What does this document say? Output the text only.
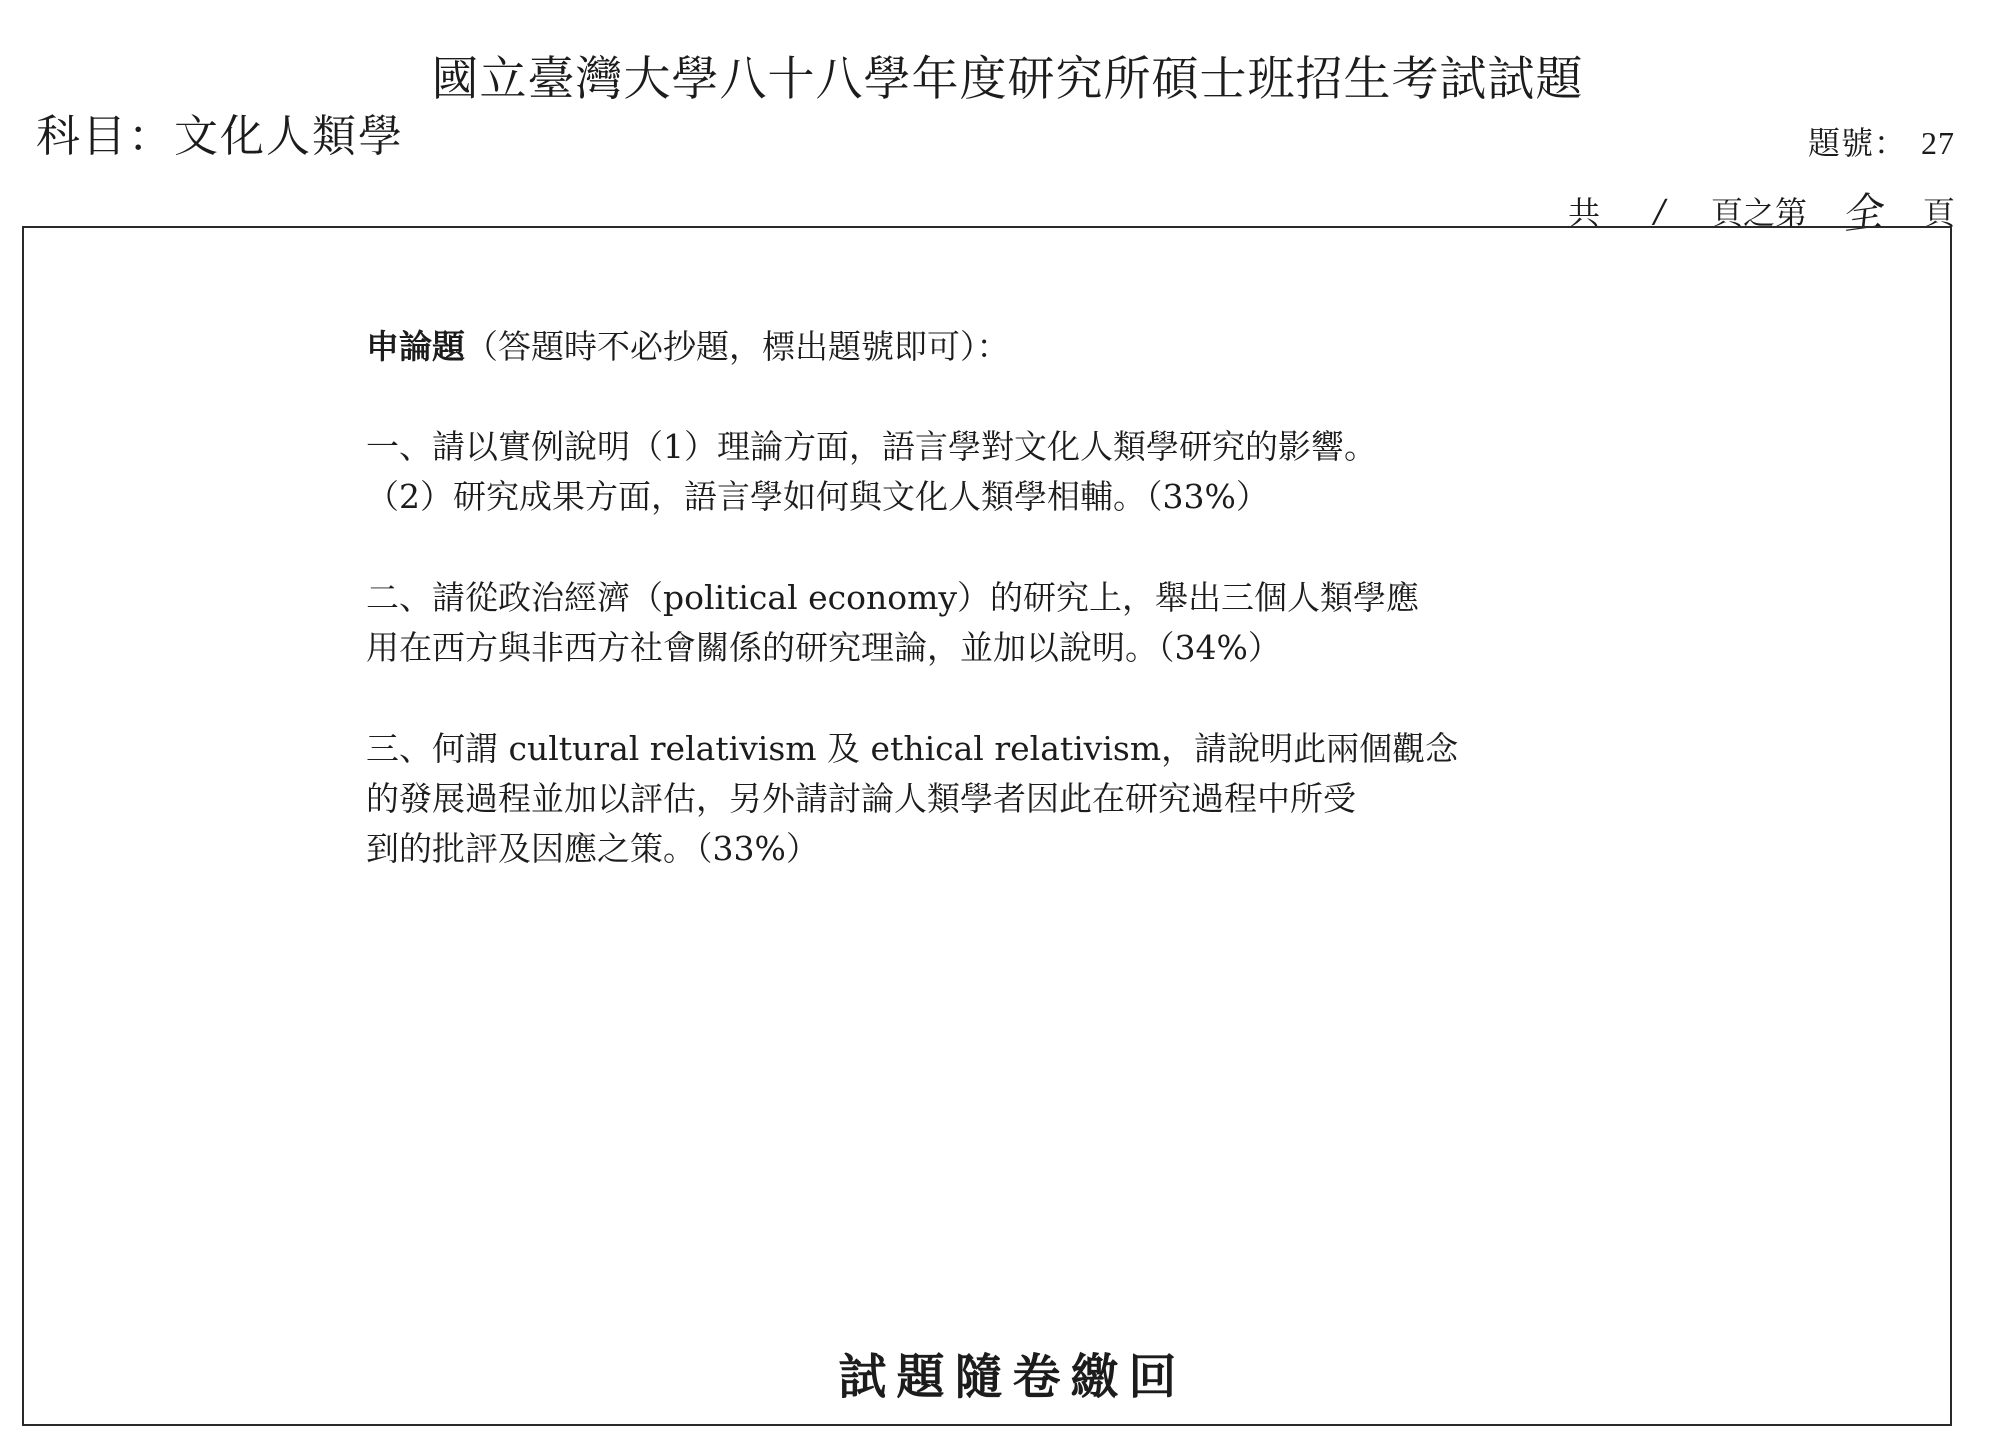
國立臺灣大學八十八學年度研究所碩士班招生考試試題
科目：文化人類學	題號： 27
共 / 頁之第 全 頁
申論題（答題時不必抄題，標出題號即可）：

一、請以實例說明（1）理論方面，語言學對文化人類學研究的影響。

（2）研究成果方面，語言學如何與文化人類學相輔。（33%）

二、請從政治經濟（political economy）的研究上，舉出三個人類學應

用在西方與非西方社會關係的研究理論，並加以說明。（34%）

三、何謂 cultural relativism 及 ethical relativism，請說明此兩個觀念

的發展過程並加以評估，另外請討論人類學者因此在研究過程中所受

到的批評及因應之策。（33%）

試題隨卷繳回
